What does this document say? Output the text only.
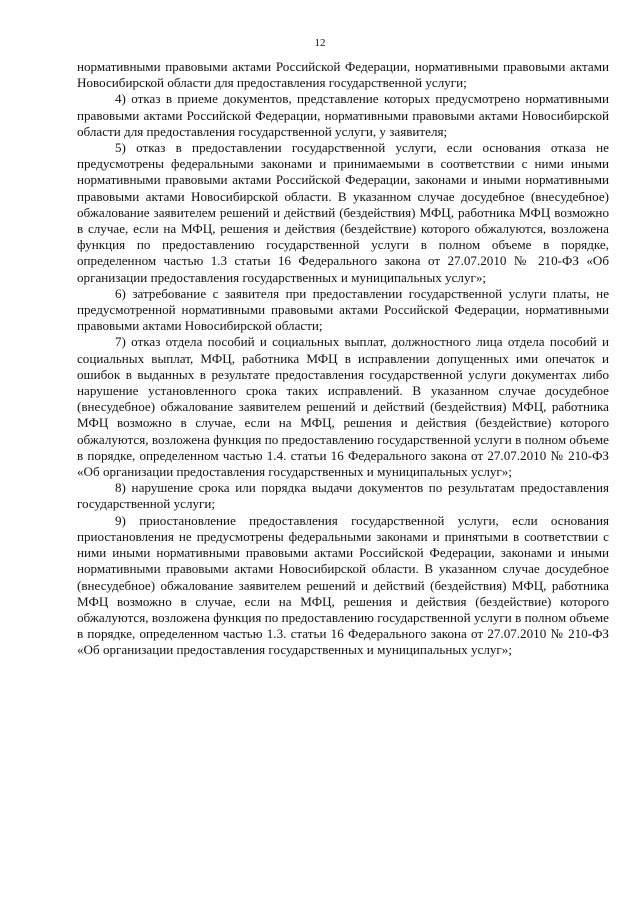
12

нормативными правовыми актами Российской Федерации, нормативными правовыми актами Новосибирской области для предоставления государственной услуги;

4) отказ в приеме документов, представление которых предусмотрено нормативными правовыми актами Российской Федерации, нормативными правовыми актами Новосибирской области для предоставления государственной услуги, у заявителя;

5) отказ в предоставлении государственной услуги, если основания отказа не предусмотрены федеральными законами и принимаемыми в соответствии с ними иными нормативными правовыми актами Российской Федерации, законами и иными нормативными правовыми актами Новосибирской области. В указанном случае досудебное (внесудебное) обжалование заявителем решений и действий (бездействия) МФЦ, работника МФЦ возможно в случае, если на МФЦ, решения и действия (бездействие) которого обжалуются, возложена функция по предоставлению государственной услуги в полном объеме в порядке, определенном частью 1.3 статьи 16 Федерального закона от 27.07.2010 № 210-ФЗ «Об организации предоставления государственных и муниципальных услуг»;

6) затребование с заявителя при предоставлении государственной услуги платы, не предусмотренной нормативными правовыми актами Российской Федерации, нормативными правовыми актами Новосибирской области;

7) отказ отдела пособий и социальных выплат, должностного лица отдела пособий и социальных выплат, МФЦ, работника МФЦ в исправлении допущенных ими опечаток и ошибок в выданных в результате предоставления государственной услуги документах либо нарушение установленного срока таких исправлений. В указанном случае досудебное (внесудебное) обжалование заявителем решений и действий (бездействия) МФЦ, работника МФЦ возможно в случае, если на МФЦ, решения и действия (бездействие) которого обжалуются, возложена функция по предоставлению государственной услуги в полном объеме в порядке, определенном частью 1.4. статьи 16 Федерального закона от 27.07.2010 № 210-ФЗ «Об организации предоставления государственных и муниципальных услуг»;

8) нарушение срока или порядка выдачи документов по результатам предоставления государственной услуги;

9) приостановление предоставления государственной услуги, если основания приостановления не предусмотрены федеральными законами и принятыми в соответствии с ними иными нормативными правовыми актами Российской Федерации, законами и иными нормативными правовыми актами Новосибирской области. В указанном случае досудебное (внесудебное) обжалование заявителем решений и действий (бездействия) МФЦ, работника МФЦ возможно в случае, если на МФЦ, решения и действия (бездействие) которого обжалуются, возложена функция по предоставлению государственной услуги в полном объеме в порядке, определенном частью 1.3. статьи 16 Федерального закона от 27.07.2010 № 210-ФЗ «Об организации предоставления государственных и муниципальных услуг»;
